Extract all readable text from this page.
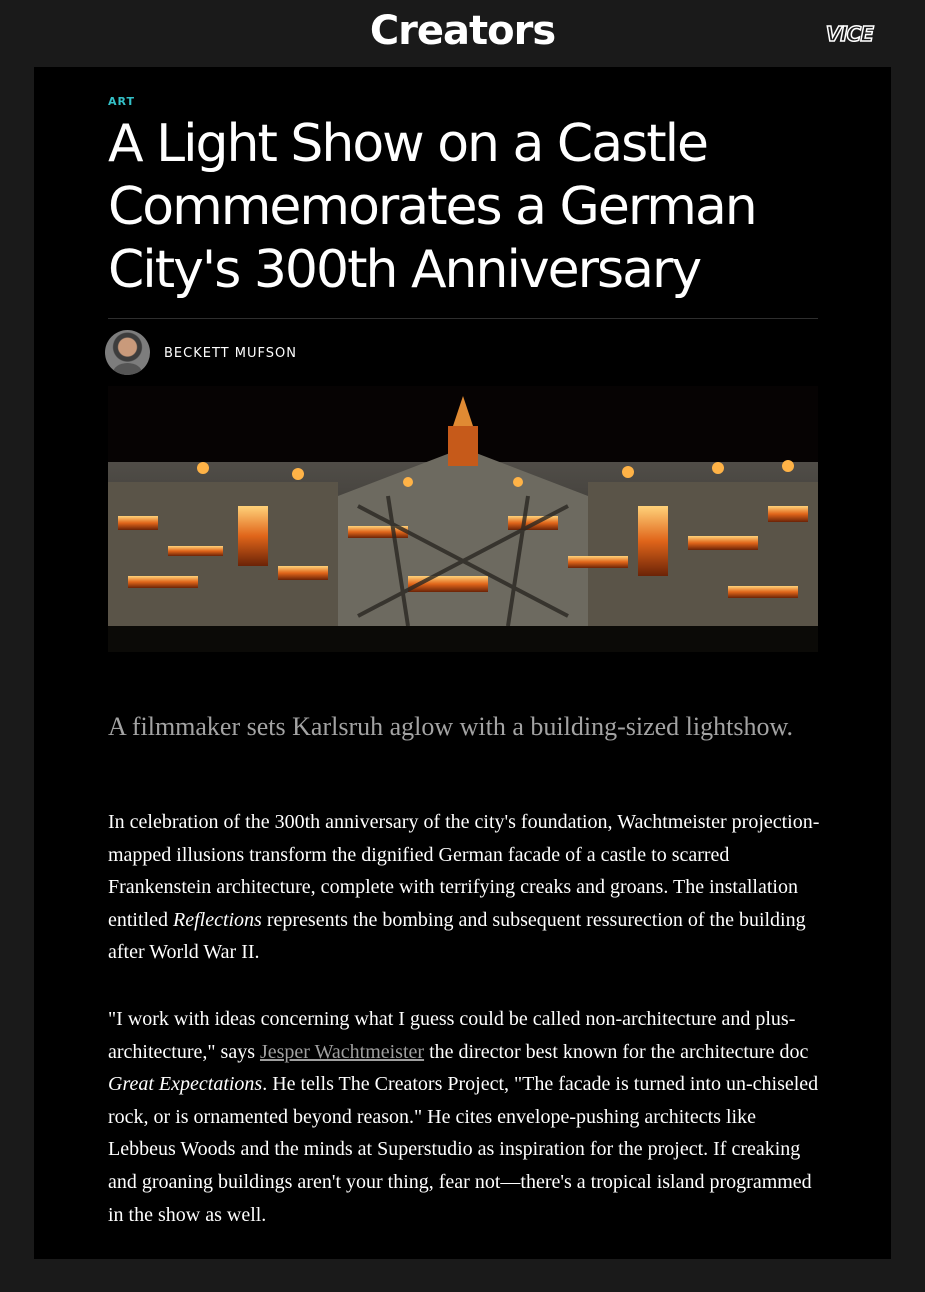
Creators	VICE
ART
A Light Show on a Castle Commemorates a German City's 300th Anniversary
BECKETT MUFSON

A filmmaker sets Karlsruh aglow with a building-sized lightshow.

In celebration of the 300th anniversary of the city's foundation, Wachtmeister projection-mapped illusions transform the dignified German facade of a castle to scarred Frankenstein architecture, complete with terrifying creaks and groans. The installation entitled Reflections represents the bombing and subsequent ressurection of the building after World War II.

"I work with ideas concerning what I guess could be called non-architecture and plus-architecture," says Jesper Wachtmeister the director best known for the architecture doc Great Expectations. He tells The Creators Project, "The facade is turned into un-chiseled rock, or is ornamented beyond reason." He cites envelope-pushing architects like Lebbeus Woods and the minds at Superstudio as inspiration for the project. If creaking and groaning buildings aren't your thing, fear not—there's a tropical island programmed in the show as well.
